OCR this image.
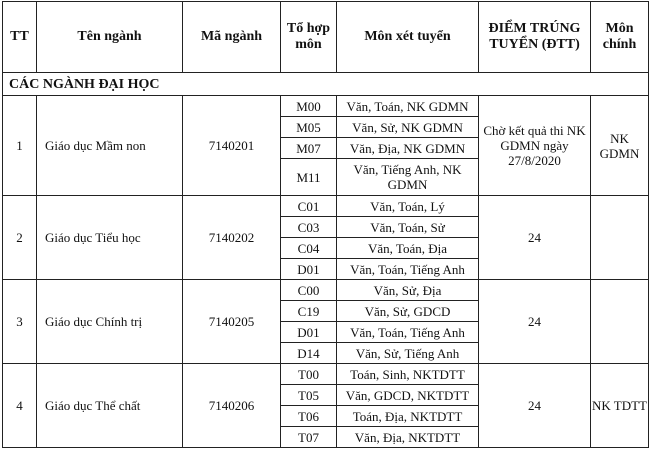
TT	Tên ngành	Mã ngành	Tổ hợp môn	Môn xét tuyển	ĐIỂM TRÚNG TUYỂN (ĐTT)	Môn chính
CÁC NGÀNH ĐẠI HỌC						
1	Giáo dục Mầm non	7140201	M00	Văn, Toán, NK GDMN	Chờ kết quả thi NK GDMN ngày 27/8/2020	NK GDMN
			M05	Văn, Sử, NK GDMN		
			M07	Văn, Địa, NK GDMN		
			M11	Văn, Tiếng Anh, NK GDMN		
2	Giáo dục Tiểu học	7140202	C01	Văn, Toán, Lý	24	
			C03	Văn, Toán, Sử		
			C04	Văn, Toán, Địa		
			D01	Văn, Toán, Tiếng Anh		
3	Giáo dục Chính trị	7140205	C00	Văn, Sử, Địa	24	
			C19	Văn, Sử, GDCD		
			D01	Văn, Toán, Tiếng Anh		
			D14	Văn, Sử, Tiếng Anh		
4	Giáo dục Thể chất	7140206	T00	Toán, Sinh, NKTDTT	24	NK TDTT
			T05	Văn, GDCD, NKTDTT		
			T06	Toán, Địa, NKTDTT		
			T07	Văn, Địa, NKTDTT		
